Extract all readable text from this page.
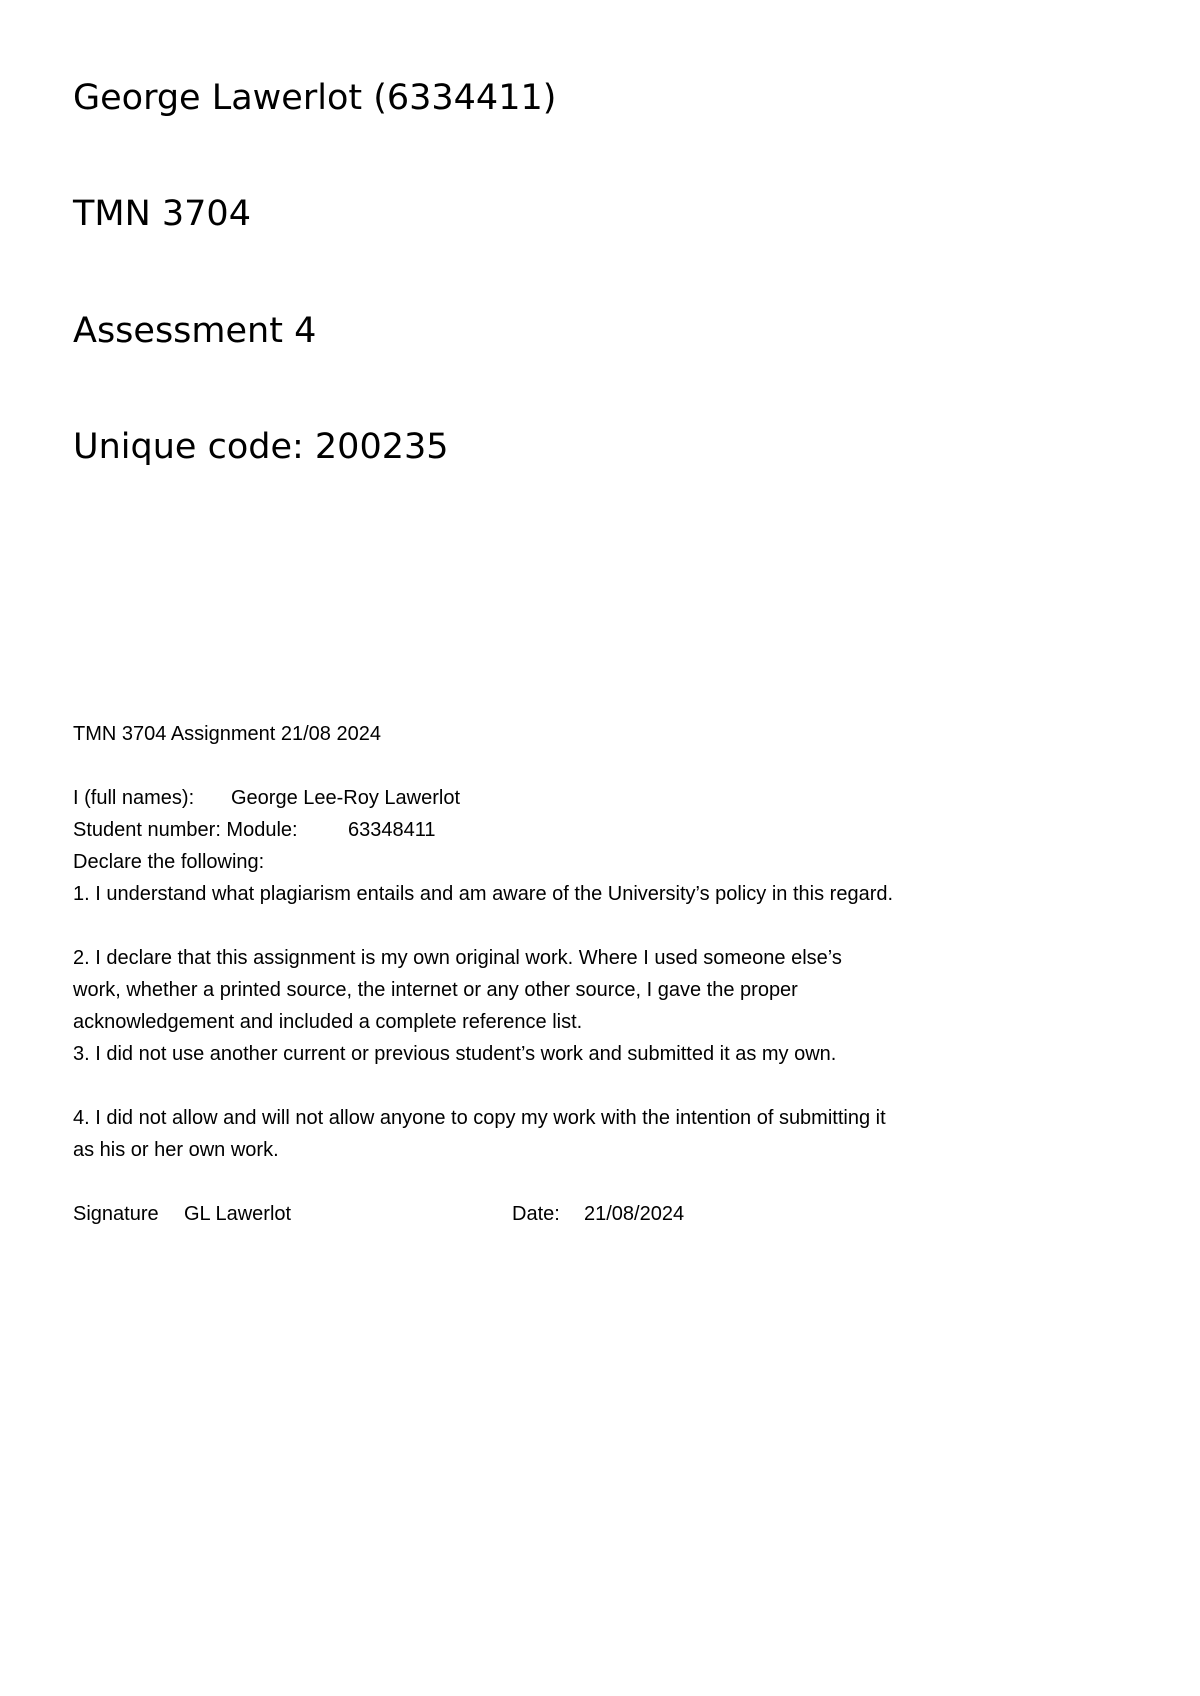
George Lawerlot (6334411)
TMN 3704
Assessment 4
Unique code: 200235

TMN 3704 Assignment 21/08 2024

I (full names): George Lee-Roy Lawerlot

Student number: Module:	63348411

Declare the following:

1. I understand what plagiarism entails and am aware of the University’s policy in this regard.

2. I declare that this assignment is my own original work. Where I used someone else’s
work, whether a printed source, the internet or any other source, I gave the proper
acknowledgement and included a complete reference list.

3. I did not use another current or previous student’s work and submitted it as my own.

4. I did not allow and will not allow anyone to copy my work with the intention of submitting it
as his or her own work.

Signature GL Lawerlot	Date: 21/08/2024
